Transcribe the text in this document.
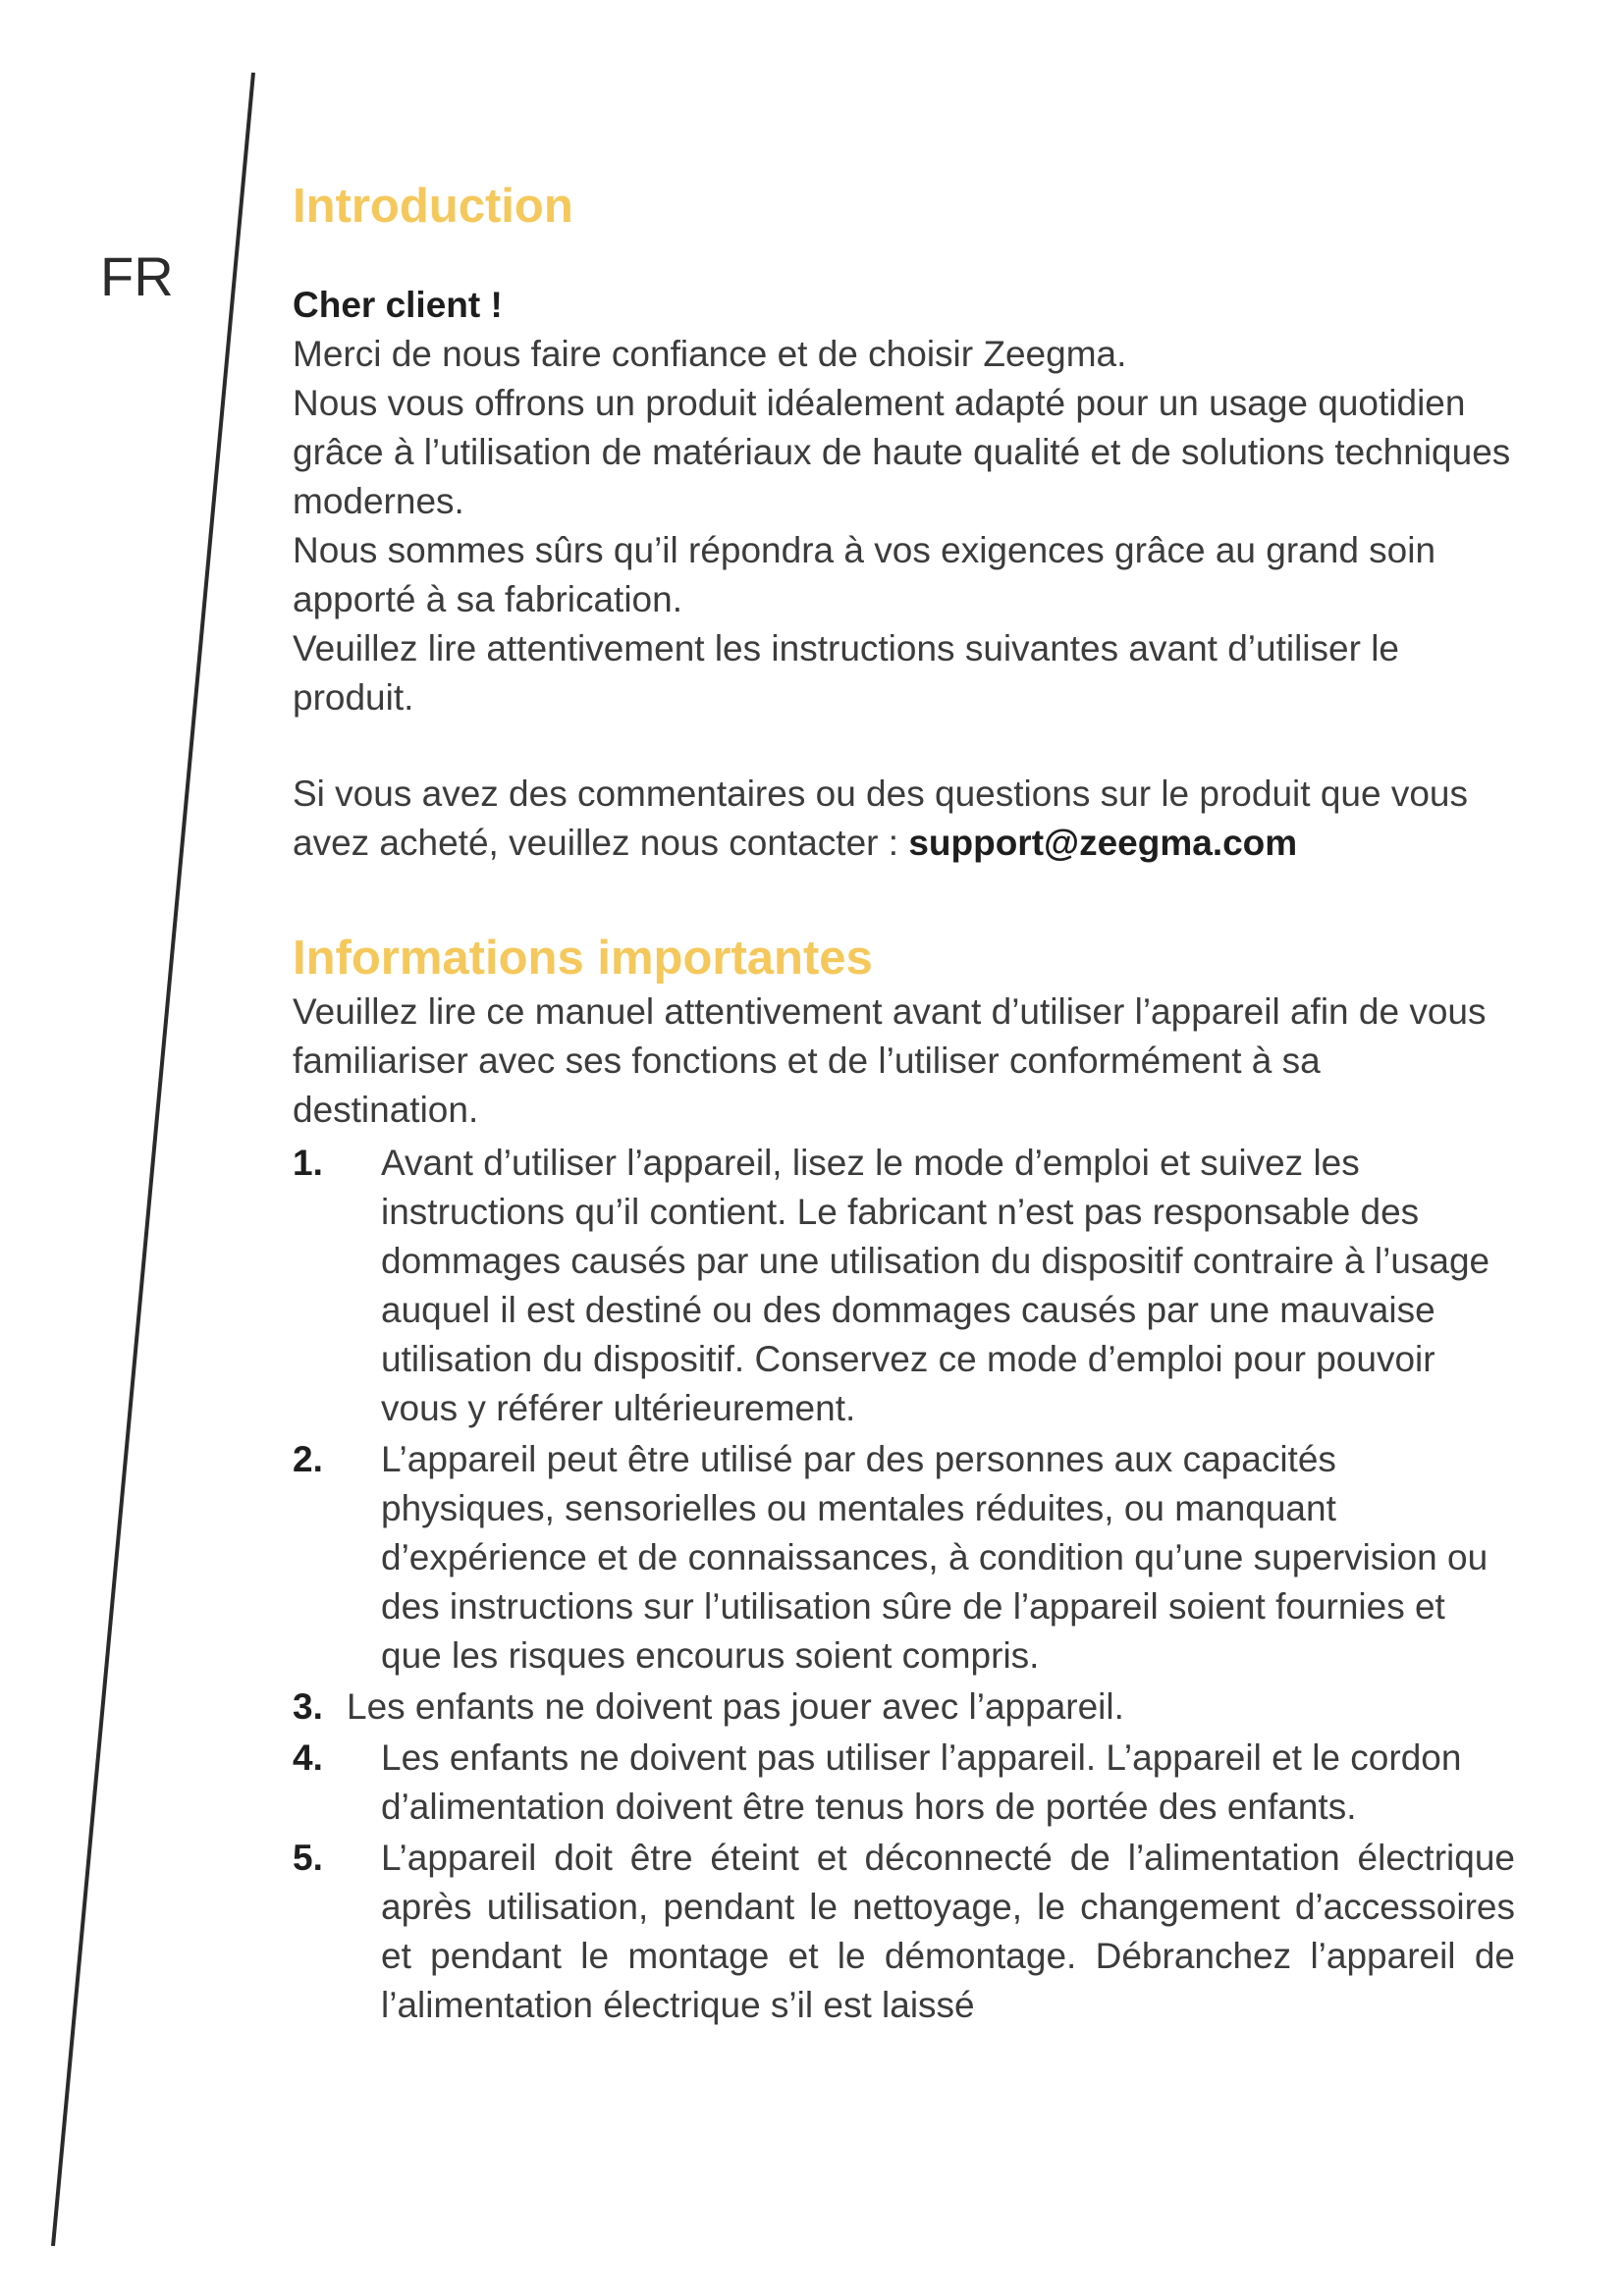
FR
Introduction

Cher client !

Merci de nous faire confiance et de choisir Zeegma.

Nous vous offrons un produit idéalement adapté pour un usage quotidien grâce à l’utilisation de matériaux de haute qualité et de solutions techniques modernes.

Nous sommes sûrs qu’il répondra à vos exigences grâce au grand soin apporté à sa fabrication.

Veuillez lire attentivement les instructions suivantes avant d’utiliser le produit.

Si vous avez des commentaires ou des questions sur le produit que vous avez acheté, veuillez nous contacter : support@zeegma.com

Informations importantes

Veuillez lire ce manuel attentivement avant d’utiliser l’appareil afin de vous familiariser avec ses fonctions et de l’utiliser conformément à sa destination.

1.	Avant d’utiliser l’appareil, lisez le mode d’emploi et suivez les instructions qu’il contient. Le fabricant n’est pas responsable des dommages causés par une utilisation du dispositif contraire à l’usage auquel il est destiné ou des dommages causés par une mauvaise utilisation du dispositif. Conservez ce mode d’emploi pour pouvoir vous y référer ultérieurement.
2.	L’appareil peut être utilisé par des personnes aux capacités physiques, sensorielles ou mentales réduites, ou manquant d’expérience et de connaissances, à condition qu’une supervision ou des instructions sur l’utilisation sûre de l’appareil soient fournies et que les risques encourus soient compris.
3. Les enfants ne doivent pas jouer avec l’appareil.
4.	Les enfants ne doivent pas utiliser l’appareil. L’appareil et le cordon d’alimentation doivent être tenus hors de portée des enfants.
5.	L’appareil doit être éteint et déconnecté de l’alimentation électrique après utilisation, pendant le nettoyage, le changement d’accessoires et pendant le montage et le démontage. Débranchez l’appareil de l’alimentation électrique s’il est laissé
